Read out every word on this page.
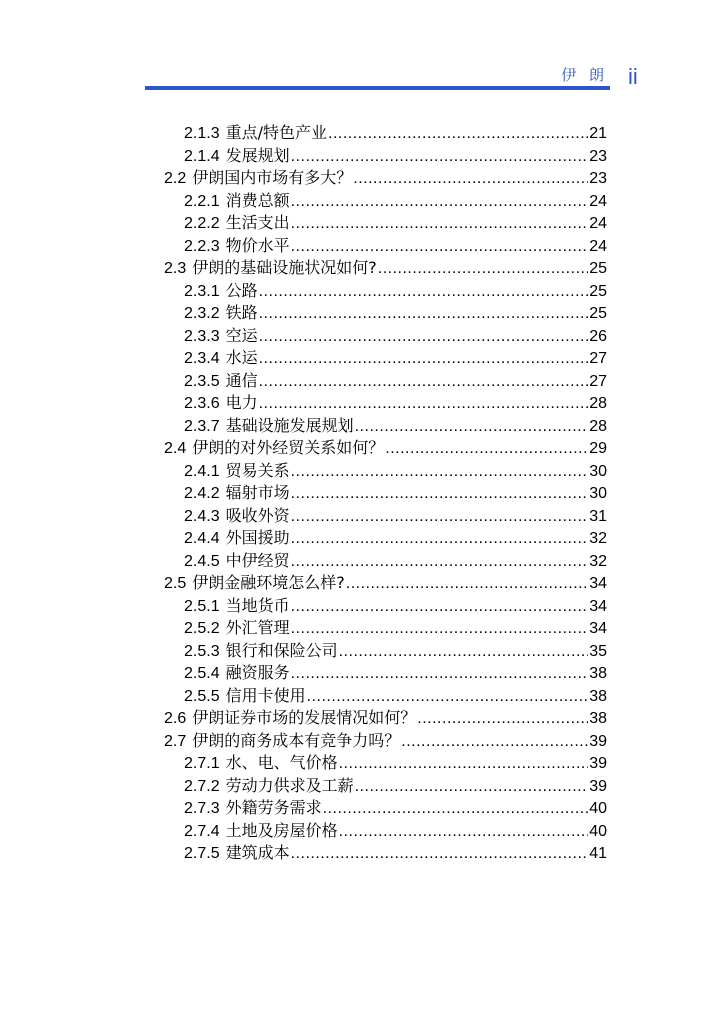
伊 朗 ii
2.1.3 重点/特色产业 .....	21
2.1.4 发展规划 .....	23
2.2 伊朗国内市场有多大？ .....	23
2.2.1 消费总额 .....	24
2.2.2 生活支出 .....	24
2.2.3 物价水平 .....	24
2.3 伊朗的基础设施状况如何? .....	25
2.3.1 公路 .....	25
2.3.2 铁路 .....	25
2.3.3 空运 .....	26
2.3.4 水运 .....	27
2.3.5 通信 .....	27
2.3.6 电力 .....	28
2.3.7 基础设施发展规划 .....	28
2.4 伊朗的对外经贸关系如何？ .....	29
2.4.1 贸易关系 .....	30
2.4.2 辐射市场 .....	30
2.4.3 吸收外资 .....	31
2.4.4 外国援助 .....	32
2.4.5 中伊经贸 .....	32
2.5 伊朗金融环境怎么样? .....	34
2.5.1 当地货币 .....	34
2.5.2 外汇管理 .....	34
2.5.3 银行和保险公司 .....	35
2.5.4 融资服务 .....	38
2.5.5 信用卡使用 .....	38
2.6 伊朗证券市场的发展情况如何？ .....	38
2.7 伊朗的商务成本有竞争力吗？ .....	39
2.7.1 水、电、气价格 .....	39
2.7.2 劳动力供求及工薪 .....	39
2.7.3 外籍劳务需求 .....	40
2.7.4 土地及房屋价格 .....	40
2.7.5 建筑成本 .....	41
